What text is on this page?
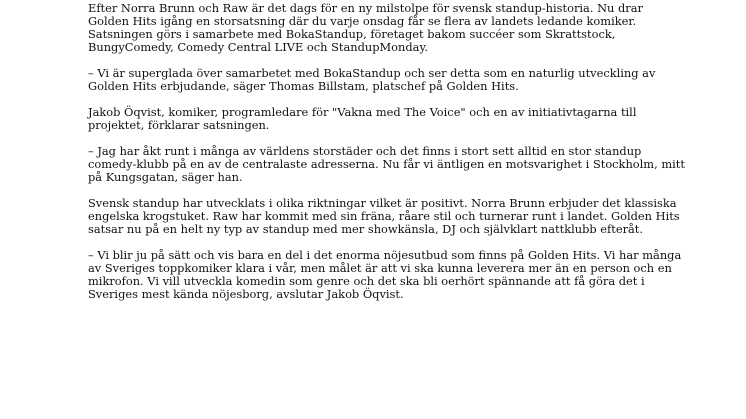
Efter Norra Brunn och Raw är det dags för en ny milstolpe för svensk standup-historia. Nu drar
Golden Hits igång en storsatsning där du varje onsdag får se flera av landets ledande komiker.
Satsningen görs i samarbete med BokaStandup, företaget bakom succéer som Skrattstock,
BungyComedy, Comedy Central LIVE och StandupMonday.

– Vi är superglada över samarbetet med BokaStandup och ser detta som en naturlig utveckling av
Golden Hits erbjudande, säger Thomas Billstam, platschef på Golden Hits.

Jakob Öqvist, komiker, programledare för "Vakna med The Voice" och en av initiativtagarna till
projektet, förklarar satsningen.

– Jag har åkt runt i många av världens storstäder och det finns i stort sett alltid en stor standup
comedy-klubb på en av de centralaste adresserna. Nu får vi äntligen en motsvarighet i Stockholm, mitt
på Kungsgatan, säger han.

Svensk standup har utvecklats i olika riktningar vilket är positivt. Norra Brunn erbjuder det klassiska
engelska krogstuket. Raw har kommit med sin fräna, råare stil och turnerar runt i landet. Golden Hits
satsar nu på en helt ny typ av standup med mer showkänsla, DJ och självklart nattklubb efteråt.

– Vi blir ju på sätt och vis bara en del i det enorma nöjesutbud som finns på Golden Hits. Vi har många
av Sveriges toppkomiker klara i vår, men målet är att vi ska kunna leverera mer än en person och en
mikrofon. Vi vill utveckla komedin som genre och det ska bli oerhört spännande att få göra det i
Sveriges mest kända nöjesborg, avslutar Jakob Öqvist.
